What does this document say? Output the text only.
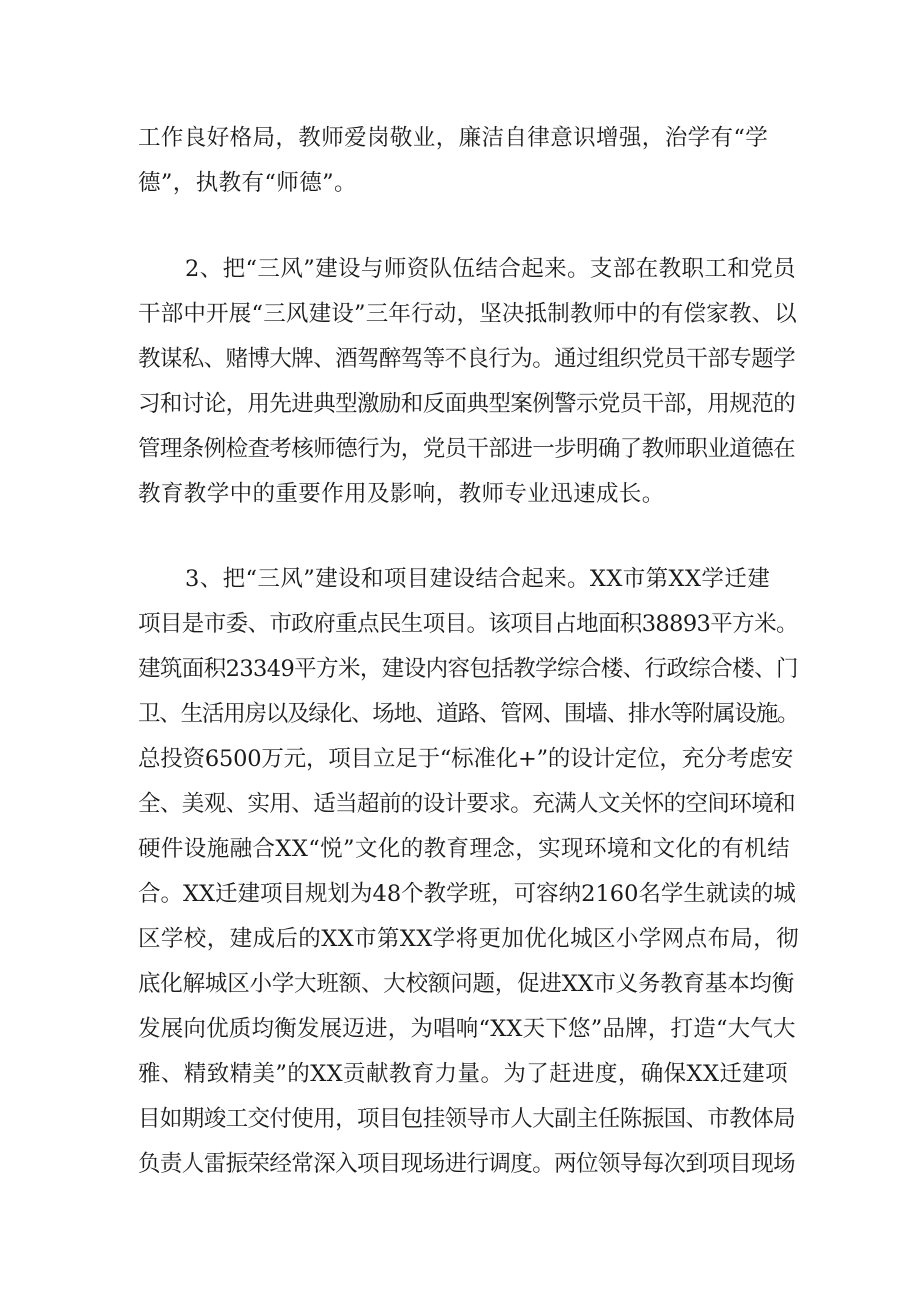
工作良好格局，教师爱岗敬业，廉洁自律意识增强，治学有“学
德”，执教有“师德”。
2、把“三风”建设与师资队伍结合起来。支部在教职工和党员
干部中开展“三风建设”三年行动，坚决抵制教师中的有偿家教、以
教谋私、赌博大牌、酒驾醉驾等不良行为。通过组织党员干部专题学
习和讨论，用先进典型激励和反面典型案例警示党员干部，用规范的
管理条例检查考核师德行为，党员干部进一步明确了教师职业道德在
教育教学中的重要作用及影响，教师专业迅速成长。
3、把“三风”建设和项目建设结合起来。XX市第XX学迁建
项目是市委、市政府重点民生项目。该项目占地面积38893平方米。
建筑面积23349平方米，建设内容包括教学综合楼、行政综合楼、门
卫、生活用房以及绿化、场地、道路、管网、围墙、排水等附属设施。
总投资6500万元，项目立足于“标准化+”的设计定位，充分考虑安
全、美观、实用、适当超前的设计要求。充满人文关怀的空间环境和
硬件设施融合XX“悦”文化的教育理念，实现环境和文化的有机结
合。XX迁建项目规划为48个教学班，可容纳2160名学生就读的城
区学校，建成后的XX市第XX学将更加优化城区小学网点布局，彻
底化解城区小学大班额、大校额问题，促进XX市义务教育基本均衡
发展向优质均衡发展迈进，为唱响“XX天下悠”品牌，打造“大气大
雅、精致精美”的XX贡献教育力量。为了赶进度，确保XX迁建项
目如期竣工交付使用，项目包挂领导市人大副主任陈振国、市教体局
负责人雷振荣经常深入项目现场进行调度。两位领导每次到项目现场
